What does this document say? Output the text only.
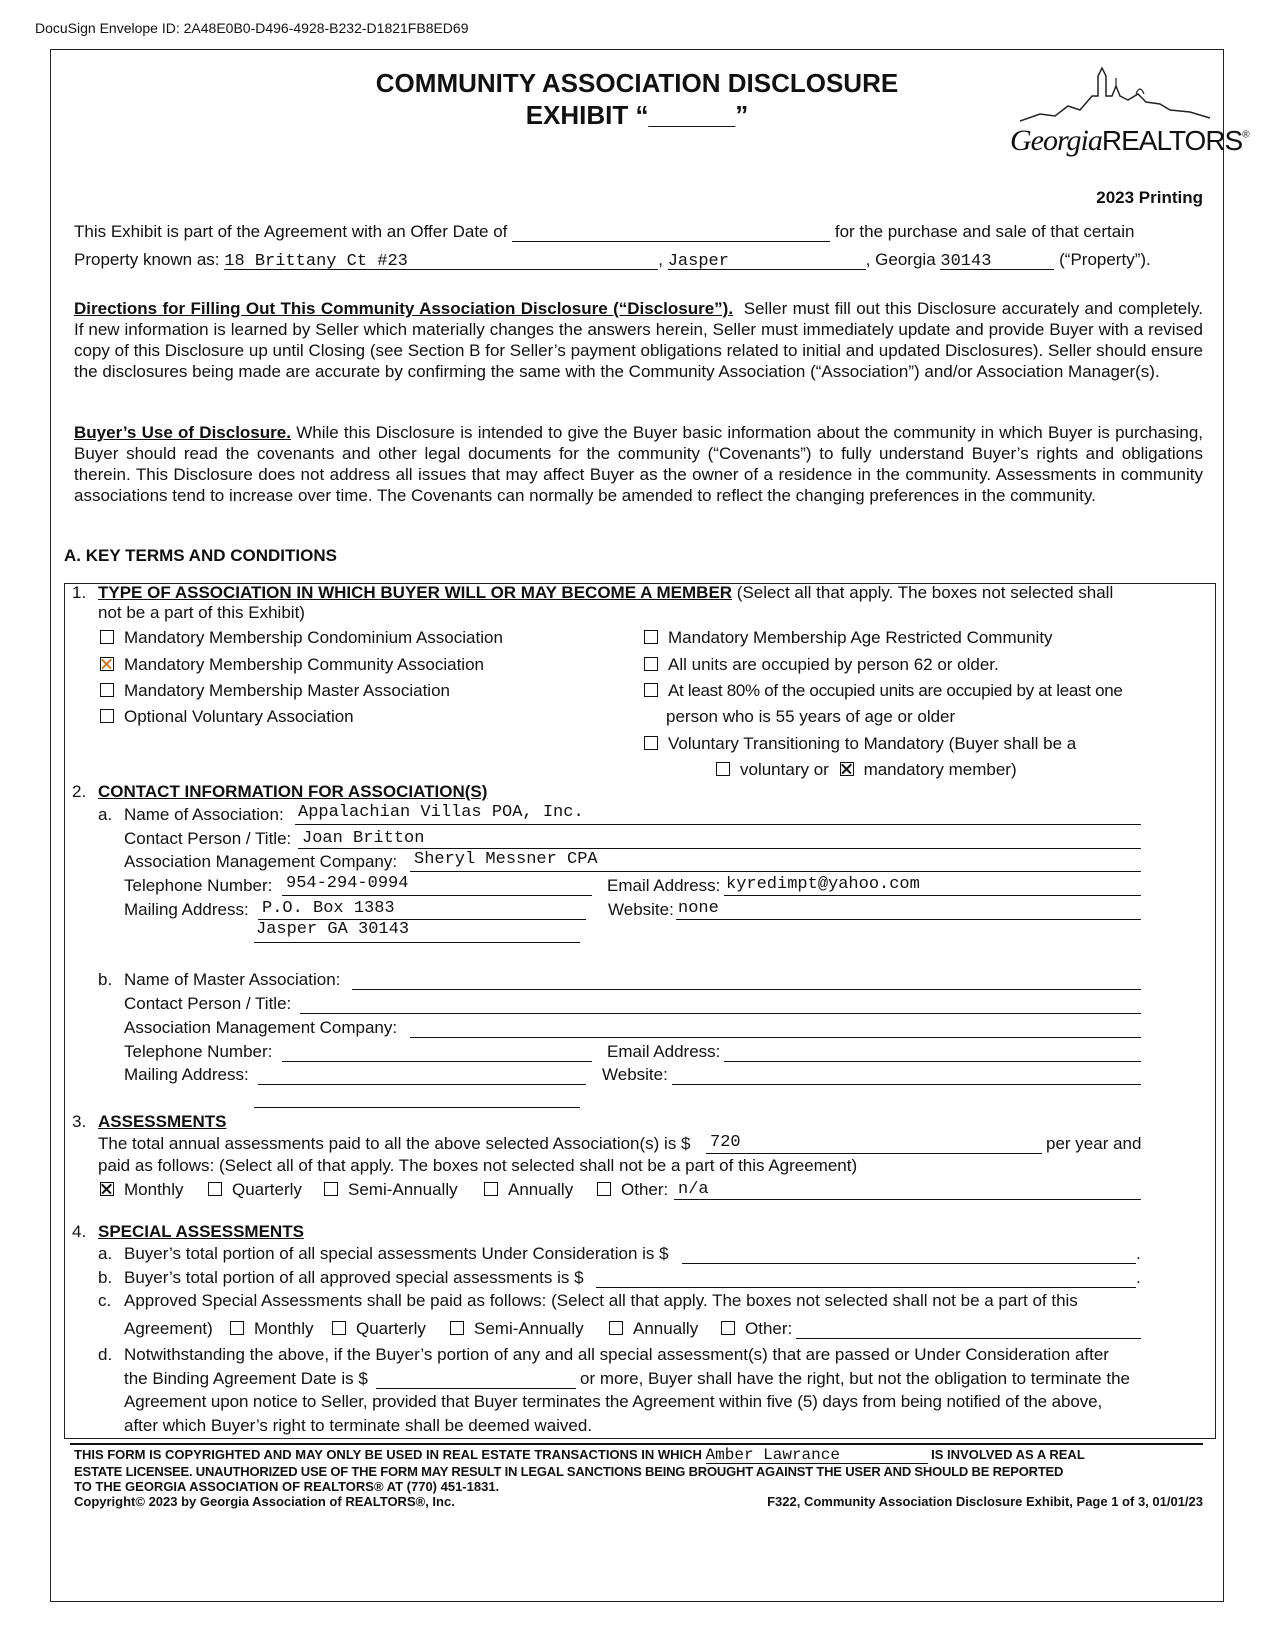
DocuSign Envelope ID: 2A48E0B0-D496-4928-B232-D1821FB8ED69
COMMUNITY ASSOCIATION DISCLOSURE
EXHIBIT “______”
GeorgiaREALTORS®
2023 Printing
This Exhibit is part of the Agreement with an Offer Date of	for the purchase and sale of that certain
Property known as: 18 Brittany Ct #23	, Jasper	, Georgia 30143	(“Property”).
Directions for Filling Out This Community Association Disclosure (“Disclosure”). Seller must fill out this Disclosure accurately and completely. If new information is learned by Seller which materially changes the answers herein, Seller must immediately update and provide Buyer with a revised copy of this Disclosure up until Closing (see Section B for Seller’s payment obligations related to initial and updated Disclosures). Seller should ensure the disclosures being made are accurate by confirming the same with the Community Association (“Association”) and/or Association Manager(s).
Buyer’s Use of Disclosure. While this Disclosure is intended to give the Buyer basic information about the community in which Buyer is purchasing, Buyer should read the covenants and other legal documents for the community (“Covenants”) to fully understand Buyer’s rights and obligations therein. This Disclosure does not address all issues that may affect Buyer as the owner of a residence in the community. Assessments in community associations tend to increase over time. The Covenants can normally be amended to reflect the changing preferences in the community.
A. KEY TERMS AND CONDITIONS
1. TYPE OF ASSOCIATION IN WHICH BUYER WILL OR MAY BECOME A MEMBER (Select all that apply. The boxes not selected shall
not be a part of this Exhibit)
Mandatory Membership Condominium Association
Mandatory Membership Community Association
Mandatory Membership Master Association
Optional Voluntary Association
Mandatory Membership Age Restricted Community
All units are occupied by person 62 or older.
At least 80% of the occupied units are occupied by at least one
person who is 55 years of age or older
Voluntary Transitioning to Mandatory (Buyer shall be a
voluntary or mandatory member)
2. CONTACT INFORMATION FOR ASSOCIATION(S)
a. Name of Association: Appalachian Villas POA, Inc.
Contact Person / Title: Joan Britton
Association Management Company: Sheryl Messner CPA
Telephone Number: 954-294-0994	Email Address: kyredimpt@yahoo.com
Mailing Address: P.O. Box 1383	Website: none
Jasper GA 30143
b. Name of Master Association:
Contact Person / Title:
Association Management Company:
Telephone Number:	Email Address:
Mailing Address:	Website:
3. ASSESSMENTS
The total annual assessments paid to all the above selected Association(s) is $ 720	per year and
paid as follows: (Select all of that apply. The boxes not selected shall not be a part of this Agreement)
Monthly	Quarterly	Semi-Annually	Annually	Other: n/a
4. SPECIAL ASSESSMENTS
a. Buyer’s total portion of all special assessments Under Consideration is $	.
b. Buyer’s total portion of all approved special assessments is $	.
c. Approved Special Assessments shall be paid as follows: (Select all that apply. The boxes not selected shall not be a part of this
Agreement)	Monthly	Quarterly	Semi-Annually	Annually	Other:
d. Notwithstanding the above, if the Buyer’s portion of any and all special assessment(s) that are passed or Under Consideration after
the Binding Agreement Date is $	or more, Buyer shall have the right, but not the obligation to terminate the
Agreement upon notice to Seller, provided that Buyer terminates the Agreement within five (5) days from being notified of the above,
after which Buyer’s right to terminate shall be deemed waived.
THIS FORM IS COPYRIGHTED AND MAY ONLY BE USED IN REAL ESTATE TRANSACTIONS IN WHICH Amber Lawrance	IS INVOLVED AS A REAL
ESTATE LICENSEE. UNAUTHORIZED USE OF THE FORM MAY RESULT IN LEGAL SANCTIONS BEING BROUGHT AGAINST THE USER AND SHOULD BE REPORTED
TO THE GEORGIA ASSOCIATION OF REALTORS® AT (770) 451-1831.
Copyright© 2023 by Georgia Association of REALTORS®, Inc.	F322, Community Association Disclosure Exhibit, Page 1 of 3, 01/01/23
